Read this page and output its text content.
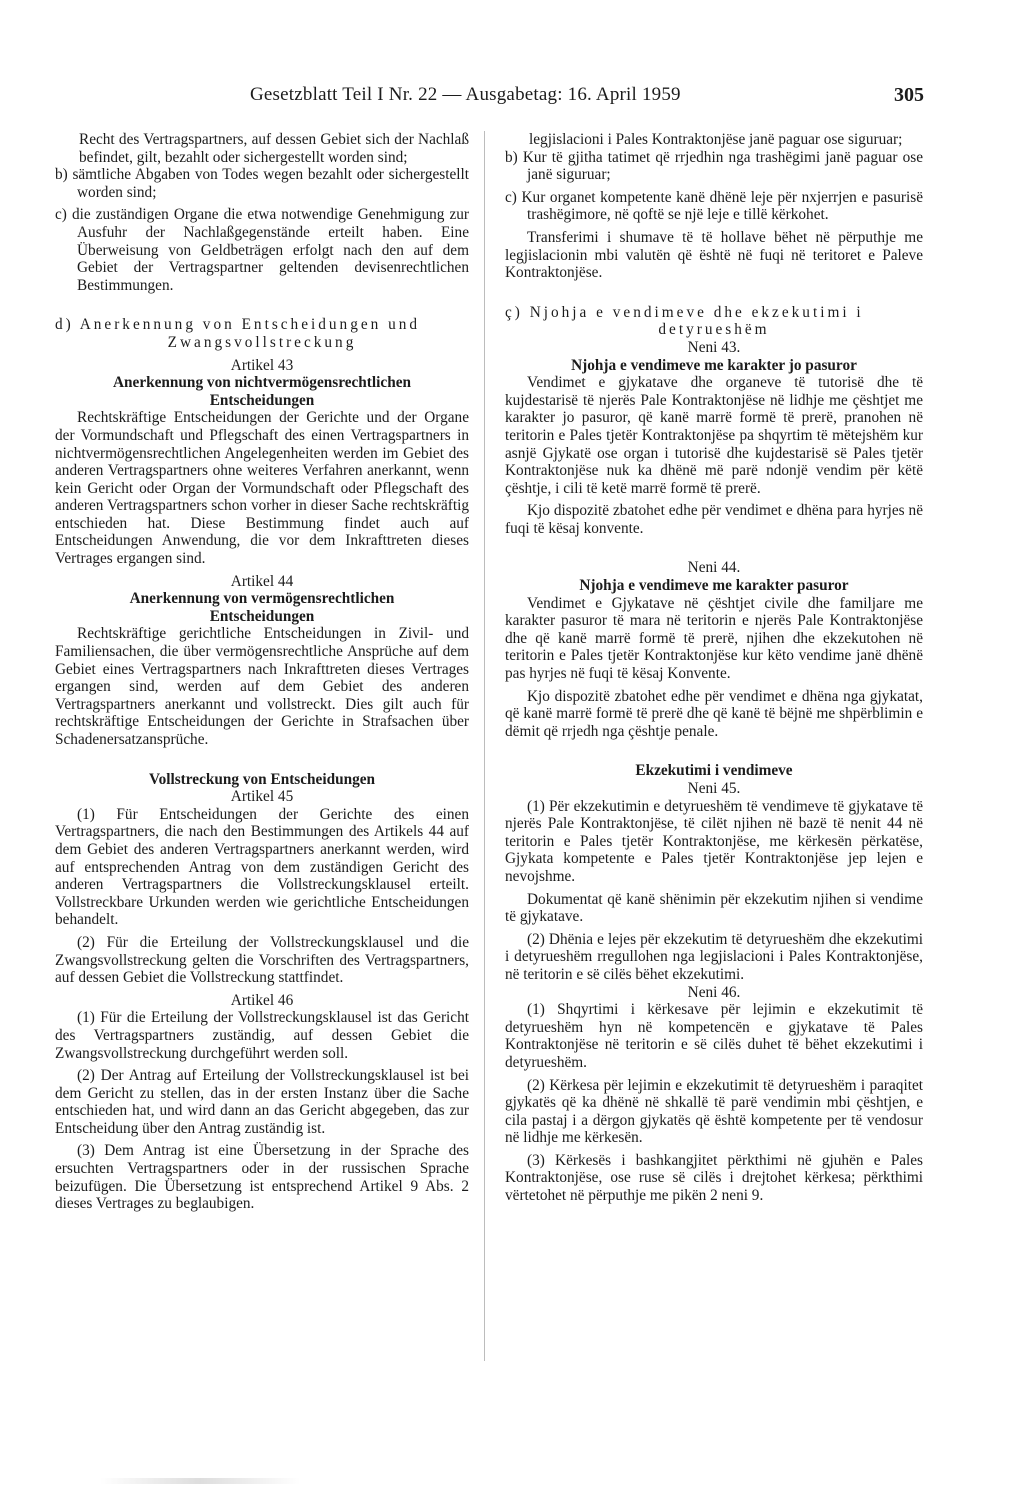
Gesetzblatt Teil I Nr. 22 — Ausgabetag: 16. April 1959	305

Recht des Vertragspartners, auf dessen Gebiet sich der Nachlaß befindet, gilt, bezahlt oder sichergestellt worden sind;

b) sämtliche Abgaben von Todes wegen bezahlt oder sichergestellt worden sind;

c) die zuständigen Organe die etwa notwendige Genehmigung zur Ausfuhr der Nachlaßgegenstände erteilt haben. Eine Überweisung von Geldbeträgen erfolgt nach den auf dem Gebiet der Vertragspartner geltenden devisenrechtlichen Bestimmungen.

d) Anerkennung von Entscheidungen und

Zwangsvollstreckung

Artikel 43

Anerkennung von nichtvermögensrechtlichen Entscheidungen

Rechtskräftige Entscheidungen der Gerichte und der Organe der Vormundschaft und Pflegschaft des einen Vertragspartners in nichtvermögensrechtlichen Angelegenheiten werden im Gebiet des anderen Vertragspartners ohne weiteres Verfahren anerkannt, wenn kein Gericht oder Organ der Vormundschaft oder Pflegschaft des anderen Vertragspartners schon vorher in dieser Sache rechtskräftig entschieden hat. Diese Bestimmung findet auch auf Entscheidungen Anwendung, die vor dem Inkrafttreten dieses Vertrages ergangen sind.

Artikel 44

Anerkennung von vermögensrechtlichen Entscheidungen

Rechtskräftige gerichtliche Entscheidungen in Zivil- und Familiensachen, die über vermögensrechtliche Ansprüche auf dem Gebiet eines Vertragspartners nach Inkrafttreten dieses Vertrages ergangen sind, werden auf dem Gebiet des anderen Vertragspartners anerkannt und vollstreckt. Dies gilt auch für rechtskräftige Entscheidungen der Gerichte in Strafsachen über Schadenersatzansprüche.

Vollstreckung von Entscheidungen

Artikel 45

(1) Für Entscheidungen der Gerichte des einen Vertragspartners, die nach den Bestimmungen des Artikels 44 auf dem Gebiet des anderen Vertragspartners anerkannt werden, wird auf entsprechenden Antrag von dem zuständigen Gericht des anderen Vertragspartners die Vollstreckungsklausel erteilt. Vollstreckbare Urkunden werden wie gerichtliche Entscheidungen behandelt.

(2) Für die Erteilung der Vollstreckungsklausel und die Zwangsvollstreckung gelten die Vorschriften des Vertragspartners, auf dessen Gebiet die Vollstreckung stattfindet.

Artikel 46

(1) Für die Erteilung der Vollstreckungsklausel ist das Gericht des Vertragspartners zuständig, auf dessen Gebiet die Zwangsvollstreckung durchgeführt werden soll.

(2) Der Antrag auf Erteilung der Vollstreckungsklausel ist bei dem Gericht zu stellen, das in der ersten Instanz über die Sache entschieden hat, und wird dann an das Gericht abgegeben, das zur Entscheidung über den Antrag zuständig ist.

(3) Dem Antrag ist eine Übersetzung in der Sprache des ersuchten Vertragspartners oder in der russischen Sprache beizufügen. Die Übersetzung ist entsprechend Artikel 9 Abs. 2 dieses Vertrages zu beglaubigen.

legjislacioni i Pales Kontraktonjëse janë paguar ose siguruar;

b) Kur të gjitha tatimet që rrjedhin nga trashëgimi janë paguar ose janë siguruar;

c) Kur organet kompetente kanë dhënë leje për nxjerrjen e pasurisë trashëgimore, në qoftë se një leje e tillë kërkohet.

Transferimi i shumave të të hollave bëhet në përputhje me legjislacionin mbi valutën që është në fuqi në teritoret e Paleve Kontraktonjëse.

ç) Njohja e vendimeve dhe ekzekutimi i

detyrueshëm

Neni 43.

Njohja e vendimeve me karakter jo pasuror

Vendimet e gjykatave dhe organeve të tutorisë dhe të kujdestarisë të njerës Pale Kontraktonjëse në lidhje me çështjet me karakter jo pasuror, që kanë marrë formë të prerë, pranohen në teritorin e Pales tjetër Kontraktonjëse pa shqyrtim të mëtejshëm kur asnjë Gjykatë ose organ i tutorisë dhe kujdestarisë së Pales tjetër Kontraktonjëse nuk ka dhënë më parë ndonjë vendim për këtë çështje, i cili të ketë marrë formë të prerë.

Kjo dispozitë zbatohet edhe për vendimet e dhëna para hyrjes në fuqi të kësaj konvente.

Neni 44.

Njohja e vendimeve me karakter pasuror

Vendimet e Gjykatave në çështjet civile dhe familjare me karakter pasuror të mara në teritorin e njerës Pale Kontraktonjëse dhe që kanë marrë formë të prerë, njihen dhe ekzekutohen në teritorin e Pales tjetër Kontraktonjëse kur këto vendime janë dhënë pas hyrjes në fuqi të kësaj Konvente.

Kjo dispozitë zbatohet edhe për vendimet e dhëna nga gjykatat, që kanë marrë formë të prerë dhe që kanë të bëjnë me shpërblimin e dëmit që rrjedh nga çështje penale.

Ekzekutimi i vendimeve

Neni 45.

(1) Për ekzekutimin e detyrueshëm të vendimeve të gjykatave të njerës Pale Kontraktonjëse, të cilët njihen në bazë të nenit 44 në teritorin e Pales tjetër Kontraktonjëse, me kërkesën përkatëse, Gjykata kompetente e Pales tjetër Kontraktonjëse jep lejen e nevojshme.

Dokumentat që kanë shënimin për ekzekutim njihen si vendime të gjykatave.

(2) Dhënia e lejes për ekzekutim të detyrueshëm dhe ekzekutimi i detyrueshëm rregullohen nga legjislacioni i Pales Kontraktonjëse, në teritorin e së cilës bëhet ekzekutimi.

Neni 46.

(1) Shqyrtimi i kërkesave për lejimin e ekzekutimit të detyrueshëm hyn në kompetencën e gjykatave të Pales Kontraktonjëse në teritorin e së cilës duhet të bëhet ekzekutimi i detyrueshëm.

(2) Kërkesa për lejimin e ekzekutimit të detyrueshëm i paraqitet gjykatës që ka dhënë në shkallë të parë vendimin mbi çështjen, e cila pastaj i a dërgon gjykatës që është kompetente per të vendosur në lidhje me kërkesën.

(3) Kërkesës i bashkangjitet përkthimi në gjuhën e Pales Kontraktonjëse, ose ruse së cilës i drejtohet kërkesa; përkthimi vërtetohet në përputhje me pikën 2 neni 9.
